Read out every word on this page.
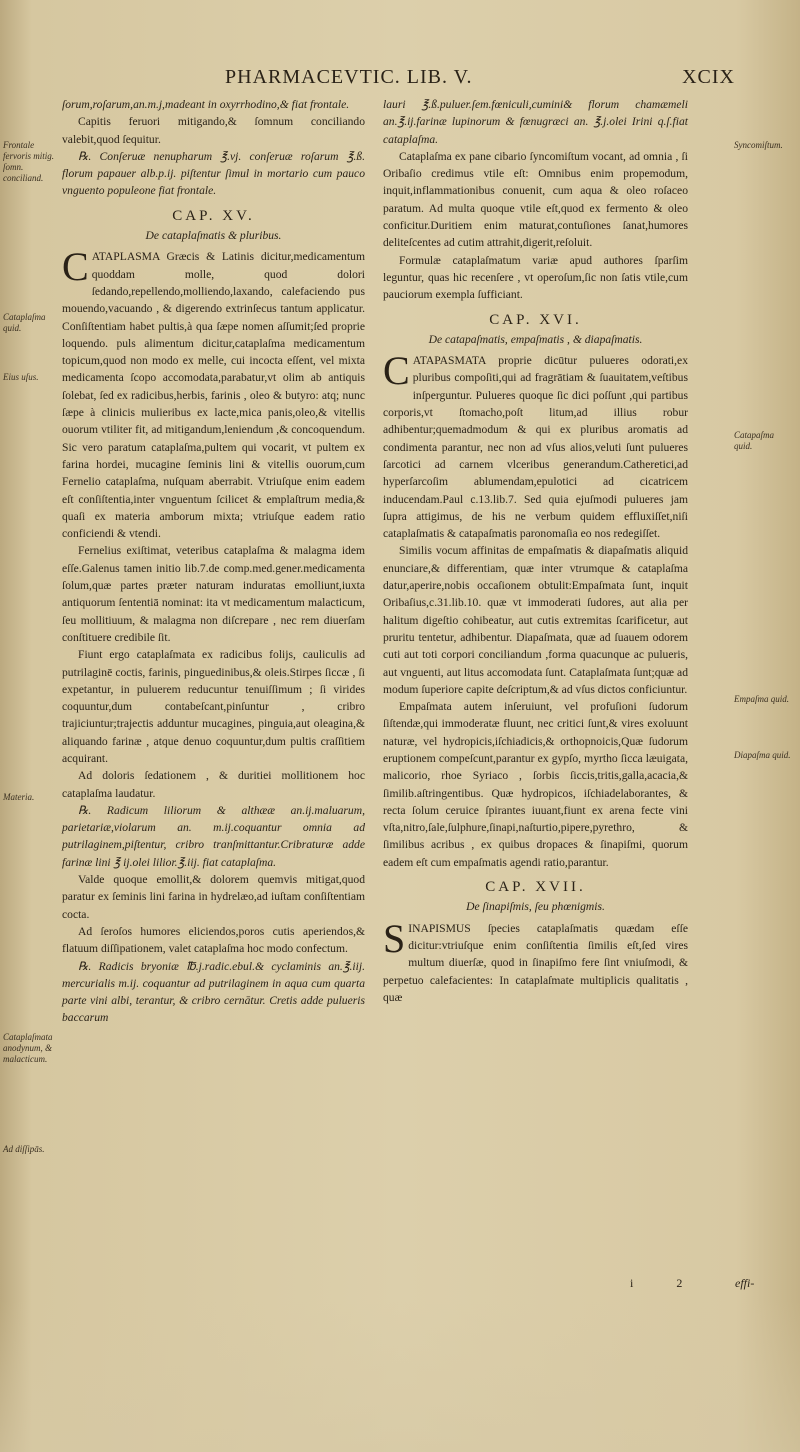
PHARMACEVTIC. LIB. V.	XCIX
Frontale fervoris mitig. ſomn. conciliand.
Cataplaſma quid.
Eius uſus.
Materia.
Cataplaſmata anodynum, & malacticum.
Ad diſſipās.
Syncomiſtum.
Catapaſma quid.
Empaſma quid.
Diapaſma quid.

ſorum,roſarum,an.m.j,madeant in oxyrrhodino,& fiat frontale.

Capitis feruori mitigando,& ſomnum conciliando valebit,quod ſequitur.

℞. Conſeruæ nenupharum ℥.vj. conſeruæ roſarum ℥.ß. florum papauer alb.p.ij. piſtentur ſimul in mortario cum pauco vnguento populeone fiat frontale.

CAP. XV.
De cataplaſmatis & pluribus.

CATAPLASMA Græcis & Latinis dicitur,medicamentum quoddam molle, quod dolori ſedando,repellendo,molliendo,laxando, calefaciendo pus mouendo,vacuando , & digerendo extrinſecus tantum applicatur. Conſiſtentiam habet pultis,à qua ſæpe nomen aſſumit;ſed proprie loquendo. puls alimentum dicitur,cataplaſma medicamentum topicum,quod non modo ex melle, cui incocta eſſent, vel mixta medicamenta ſcopo accomodata,parabatur,vt olim ab antiquis ſolebat, ſed ex radicibus,herbis, farinis , oleo & butyro: atq; nunc ſæpe à clinicis mulieribus ex lacte,mica panis,oleo,& vitellis ouorum vtiliter fit, ad mitigandum,leniendum ,& concoquendum. Sic vero paratum cataplaſma,pultem qui vocarit, vt pultem ex farina hordei, mucagine ſeminis lini & vitellis ouorum,cum Fernelio cataplaſma, nuſquam aberrabit. Vtriuſque enim eadem eſt conſiſtentia,inter vnguentum ſcilicet & emplaſtrum media,& quaſi ex materia amborum mixta; vtriuſque eadem ratio conficiendi & vtendi.

Fernelius exiſtimat, veteribus cataplaſma & malagma idem eſſe.Galenus tamen initio lib.7.de comp.med.gener.medicamenta ſolum,quæ partes præter naturam induratas emolliunt,iuxta antiquorum ſententiā nominat: ita vt medicamentum malacticum, ſeu mollitiuum, & malagma non diſcrepare , nec rem diuerſam conſtituere credibile ſit.

Fiunt ergo cataplaſmata ex radicibus folijs, cauliculis ad putrilaginē coctis, farinis, pinguedinibus,& oleis.Stirpes ſiccæ , ſi expetantur, in puluerem reducuntur tenuiſſimum ; ſi virides coquuntur,dum contabeſcant,pinſuntur , cribro trajiciuntur;trajectis adduntur mucagines, pinguia,aut oleagina,& aliquando farinæ , atque denuo coquuntur,dum pultis craſſitiem acquirant.

Ad doloris ſedationem , & duritiei mollitionem hoc cataplaſma laudatur.

℞. Radicum liliorum & althææ an.ij.maluarum, parietariæ,violarum an. m.ij.coquantur omnia ad putrilaginem,piſtentur, cribro tranſmittantur.Cribraturæ adde farinæ lini ℥ ij.olei lilior.℥.iij. fiat cataplaſma.

Valde quoque emollit,& dolorem quemvis mitigat,quod paratur ex ſeminis lini farina in hydrelæo,ad iuſtam conſiſtentiam cocta.

Ad ſeroſos humores eliciendos,poros cutis aperiendos,& flatuum diſſipationem, valet cataplaſma hoc modo confectum.

℞. Radicis bryoniæ ℔.j.radic.ebul.& cyclaminis an.℥.iij. mercurialis m.ij. coquantur ad putrilaginem in aqua cum quarta parte vini albi, terantur, & cribro cernātur. Cretis adde pulueris baccarum

lauri ℥.ß.puluer.ſem.fœniculi,cumini& florum chamæmeli an.℥.ij.farinæ lupinorum & fœnugræci an. ℥.j.olei Irini q.ſ.fiat cataplaſma.

Cataplaſma ex pane cibario ſyncomiſtum vocant, ad omnia , ſi Oribaſio credimus vtile eſt: Omnibus enim propemodum, inquit,inflammationibus conuenit, cum aqua & oleo roſaceo paratum. Ad multa quoque vtile eſt,quod ex fermento & oleo conficitur.Duritiem enim maturat,contuſiones ſanat,humores deliteſcentes ad cutim attrahit,digerit,reſoluit.

Formulæ cataplaſmatum variæ apud authores ſparſim leguntur, quas hic recenſere , vt operoſum,ſic non ſatis vtile,cum pauciorum exempla ſufficiant.

CAP. XVI.
De catapaſmatis, empaſmatis , & diapaſmatis.

CATAPASMATA proprie dicūtur pulueres odorati,ex pluribus compoſiti,qui ad fragrātiam & ſuauitatem,veſtibus inſperguntur. Pulueres quoque ſic dici poſſunt ,qui partibus corporis,vt ſtomacho,poſt litum,ad illius robur adhibentur;quemadmodum & qui ex pluribus aromatis ad condimenta parantur, nec non ad vſus alios,veluti ſunt pulueres ſarcotici ad carnem vlceribus generandum.Catheretici,ad hyperſarcoſim ablumendam,epulotici ad cicatricem inducendam.Paul c.13.lib.7. Sed quia ejuſmodi pulueres jam ſupra attigimus, de his ne verbum quidem effluxiſſet,niſi cataplaſmatis & catapaſmatis paronomaſia eo nos redegiſſet.

Similis vocum affinitas de empaſmatis & diapaſmatis aliquid enunciare,& differentiam, quæ inter vtrumque & cataplaſma datur,aperire,nobis occaſionem obtulit:Empaſmata ſunt, inquit Oribaſius,c.31.lib.10. quæ vt immoderati ſudores, aut alia per halitum digeſtio cohibeatur, aut cutis extremitas ſcarificetur, aut pruritu tentetur, adhibentur. Diapaſmata, quæ ad ſuauem odorem cuti aut toti corpori conciliandum ,forma quacunque ac pulueris, aut vnguenti, aut litus accomodata ſunt. Cataplaſmata ſunt;quæ ad modum ſuperiore capite deſcriptum,& ad vſus dictos conficiuntur.

Empaſmata autem inſeruiunt, vel profuſioni ſudorum ſiſtendæ,qui immoderatæ fluunt, nec critici ſunt,& vires exoluunt naturæ, vel hydropicis,iſchiadicis,& orthopnoicis,Quæ ſudorum eruptionem compeſcunt,parantur ex gypſo, myrtho ſicca læuigata, malicorio, rhoe Syriaco , ſorbis ſiccis,tritis,galla,acacia,& ſimilib.aſtringentibus. Quæ hydropicos, iſchiadelaborantes, & recta ſolum ceruice ſpirantes iuuant,fiunt ex arena fecte vini vſta,nitro,ſale,ſulphure,ſinapi,naſturtio,pipere,pyrethro, & ſimilibus acribus , ex quibus dropaces & ſinapiſmi, quorum eadem eſt cum empaſmatis agendi ratio,parantur.

CAP. XVII.
De ſinapiſmis, ſeu phœnigmis.

SINAPISMUS ſpecies cataplaſmatis quædam eſſe dicitur:vtriuſque enim conſiſtentia ſimilis eſt,ſed vires multum diuerſæ, quod in ſinapiſmo fere ſint vniuſmodi, & perpetuo calefacientes: In cataplaſmate multiplicis qualitatis , quæ

i 2	effi-
